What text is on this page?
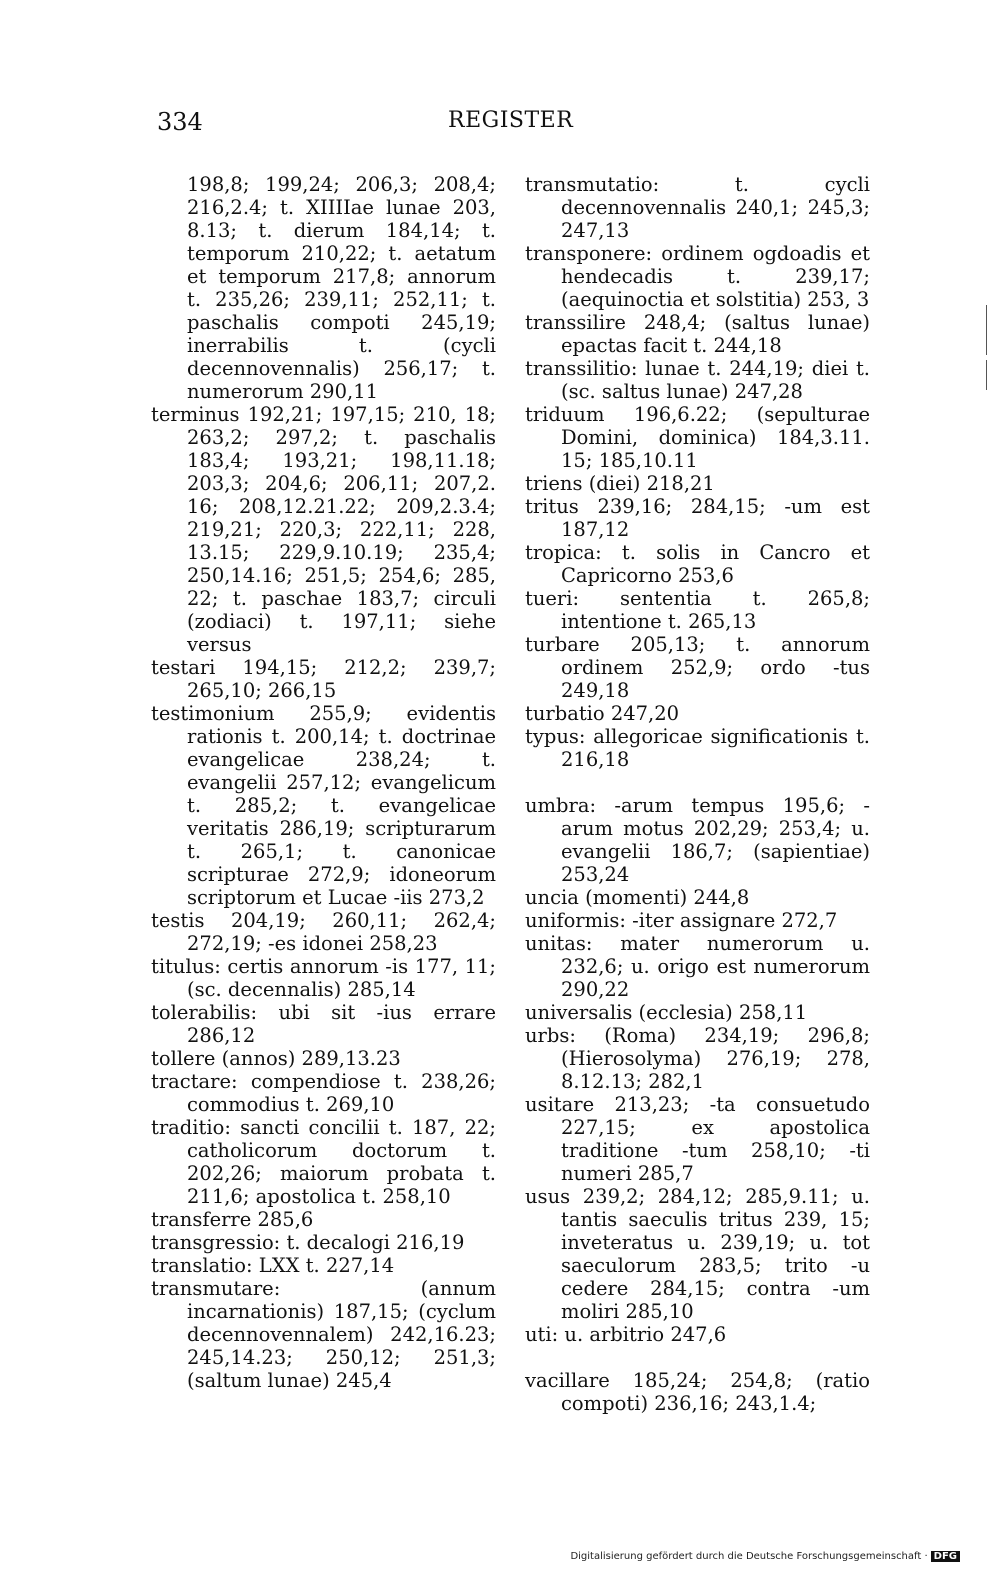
334	REGISTER
198,8; 199,24; 206,3; 208,4; 216,2.4; t. XIIIIae lunae 203, 8.13; t. dierum 184,14; t. temporum 210,22; t. aetatum et temporum 217,8; annorum t. 235,26; 239,11; 252,11; t. paschalis compoti 245,19; inerrabilis t. (cycli decennovennalis) 256,17; t. numerorum 290,11
terminus 192,21; 197,15; 210, 18; 263,2; 297,2; t. paschalis 183,4; 193,21; 198,11.18; 203,3; 204,6; 206,11; 207,2. 16; 208,12.21.22; 209,2.3.4; 219,21; 220,3; 222,11; 228, 13.15; 229,9.10.19; 235,4; 250,14.16; 251,5; 254,6; 285, 22; t. paschae 183,7; circuli (zodiaci) t. 197,11; siehe versus
testari 194,15; 212,2; 239,7; 265,10; 266,15
testimonium 255,9; evidentis rationis t. 200,14; t. doctrinae evangelicae 238,24; t. evangelii 257,12; evangelicum t. 285,2; t. evangelicae veritatis 286,19; scripturarum t. 265,1; t. canonicae scripturae 272,9; idoneorum scriptorum et Lucae -iis 273,2
testis 204,19; 260,11; 262,4; 272,19; -es idonei 258,23
titulus: certis annorum -is 177, 11; (sc. decennalis) 285,14
tolerabilis: ubi sit -ius errare 286,12
tollere (annos) 289,13.23
tractare: compendiose t. 238,26; commodius t. 269,10
traditio: sancti concilii t. 187, 22; catholicorum doctorum t. 202,26; maiorum probata t. 211,6; apostolica t. 258,10
transferre 285,6
transgressio: t. decalogi 216,19
translatio: LXX t. 227,14
transmutare: (annum incarnationis) 187,15; (cyclum decennovennalem) 242,16.23; 245,14.23; 250,12; 251,3; (saltum lunae) 245,4
transmutatio: t. cycli decennovennalis 240,1; 245,3; 247,13
transponere: ordinem ogdoadis et hendecadis t. 239,17; (aequinoctia et solstitia) 253, 3
transsilire 248,4; (saltus lunae) epactas facit t. 244,18
transsilitio: lunae t. 244,19; diei t. (sc. saltus lunae) 247,28
triduum 196,6.22; (sepulturae Domini, dominica) 184,3.11. 15; 185,10.11
triens (diei) 218,21
tritus 239,16; 284,15; -um est 187,12
tropica: t. solis in Cancro et Capricorno 253,6
tueri: sententia t. 265,8; intentione t. 265,13
turbare 205,13; t. annorum ordinem 252,9; ordo -tus 249,18
turbatio 247,20
typus: allegoricae significationis t. 216,18
umbra: -arum tempus 195,6; -arum motus 202,29; 253,4; u. evangelii 186,7; (sapientiae) 253,24
uncia (momenti) 244,8
uniformis: -iter assignare 272,7
unitas: mater numerorum u. 232,6; u. origo est numerorum 290,22
universalis (ecclesia) 258,11
urbs: (Roma) 234,19; 296,8; (Hierosolyma) 276,19; 278, 8.12.13; 282,1
usitare 213,23; -ta consuetudo 227,15; ex apostolica traditione -tum 258,10; -ti numeri 285,7
usus 239,2; 284,12; 285,9.11; u. tantis saeculis tritus 239, 15; inveteratus u. 239,19; u. tot saeculorum 283,5; trito -u cedere 284,15; contra -um moliri 285,10
uti: u. arbitrio 247,6
vacillare 185,24; 254,8; (ratio compoti) 236,16; 243,1.4;
Digitalisierung gefördert durch die Deutsche Forschungsgemeinschaft · DFG
